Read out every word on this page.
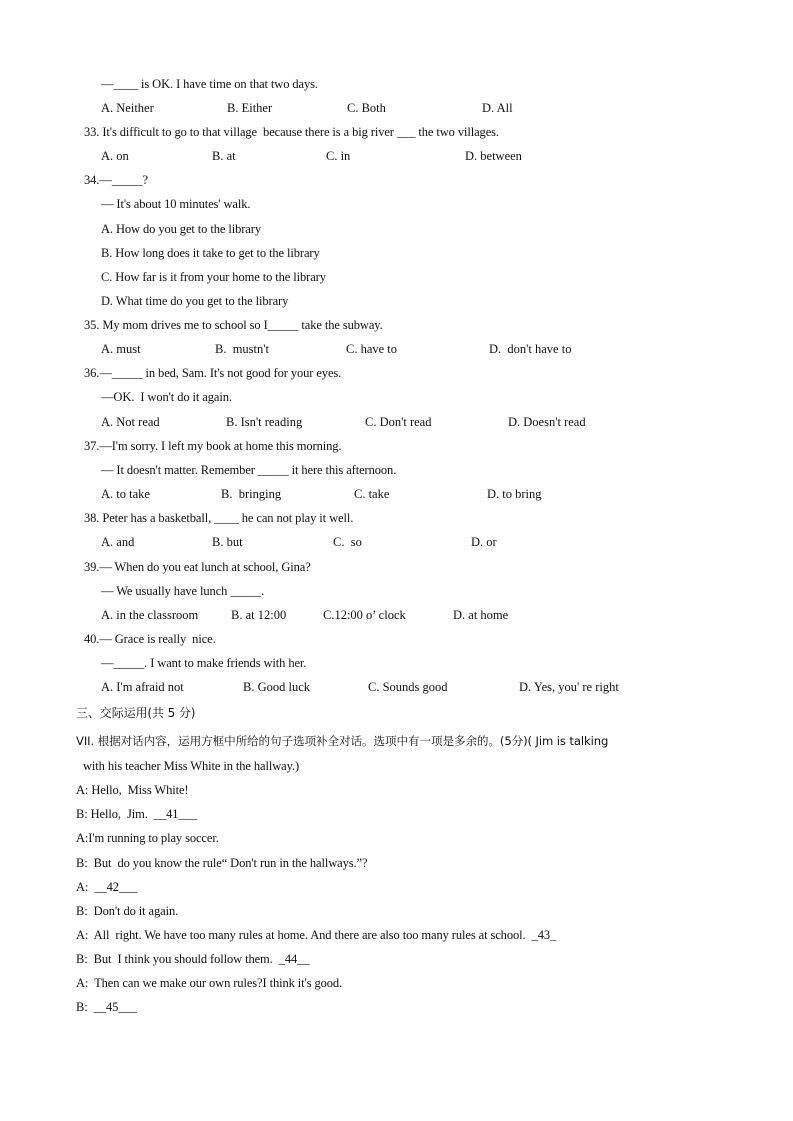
—____ is OK. I have time on that two days.
A. Neither	B. Either	C. Both	D. All
33. It's difficult to go to that village  because there is a big river ___ the two villages.
A. on	B. at	C. in	D. between
34.—_____?
— It's about 10 minutes' walk.
A. How do you get to the library
B. How long does it take to get to the library
C. How far is it from your home to the library
D. What time do you get to the library
35. My mom drives me to school so I_____ take the subway.
A. must	B.  mustn't	C. have to	D.  don't have to
36.—_____ in bed, Sam. It's not good for your eyes.
—OK.  I won't do it again.
A. Not read	B. Isn't reading	C. Don't read	D. Doesn't read
37.—I'm sorry. I left my book at home this morning.
— It doesn't matter. Remember _____ it here this afternoon.
A. to take	B.  bringing	C. take	D. to bring
38. Peter has a basketball, ____ he can not play it well.
A. and	B. but	C.  so	D. or
39.— When do you eat lunch at school, Gina?
— We usually have lunch _____.
A. in the classroom	B. at 12:00	C.12:00 o’ clock	D. at home
40.— Grace is really  nice.
—_____. I want to make friends with her.
A. I'm afraid not	B. Good luck	C. Sounds good	D. Yes, you' re right
三、交际运用(共 5 分)
VII. 根据对话内容，运用方框中所给的句子选项补全对话。选项中有一项是多余的。(5分)( Jim is talking
with his teacher Miss White in the hallway.)
A: Hello,  Miss White!
B: Hello,  Jim.  __41___
A:I'm running to play soccer.
B:  But  do you know the rule“ Don't run in the hallways.”?
A:  __42___
B:  Don't do it again.
A:  All  right. We have too many rules at home. And there are also too many rules at school.  _43_
B:  But  I think you should follow them.  _44__
A:  Then can we make our own rules?I think it's good.
B:  __45___
